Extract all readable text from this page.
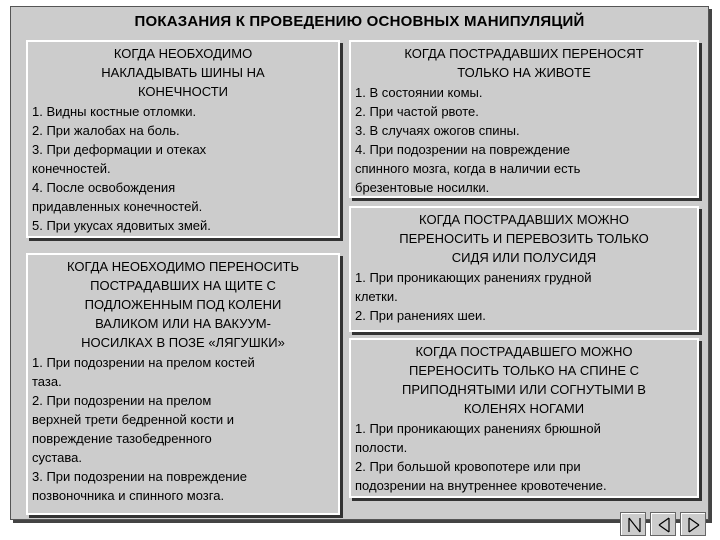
ПОКАЗАНИЯ К ПРОВЕДЕНИЮ ОСНОВНЫХ МАНИПУЛЯЦИЙ
КОГДА НЕОБХОДИМО
НАКЛАДЫВАТЬ ШИНЫ НА
КОНЕЧНОСТИ
1. Видны костные отломки.
2. При жалобах на боль.
3. При деформации и отеках
конечностей.
4. После освобождения
придавленных конечностей.
5. При укусах ядовитых змей.
КОГДА НЕОБХОДИМО ПЕРЕНОСИТЬ
ПОСТРАДАВШИХ НА ЩИТЕ С
ПОДЛОЖЕННЫМ ПОД КОЛЕНИ
ВАЛИКОМ ИЛИ НА ВАКУУМ-
НОСИЛКАХ В ПОЗЕ «ЛЯГУШКИ»
1. При подозрении на прелом костей
таза.
2. При подозрении на прелом
верхней трети бедренной кости и
повреждение тазобедренного
сустава.
3. При подозрении на повреждение
позвоночника и спинного мозга.
КОГДА ПОСТРАДАВШИХ ПЕРЕНОСЯТ
ТОЛЬКО НА ЖИВОТЕ
1. В состоянии комы.
2. При частой рвоте.
3. В случаях ожогов спины.
4. При подозрении на повреждение
спинного мозга, когда в наличии есть
брезентовые носилки.
КОГДА ПОСТРАДАВШИХ МОЖНО
ПЕРЕНОСИТЬ И ПЕРЕВОЗИТЬ ТОЛЬКО
СИДЯ ИЛИ ПОЛУСИДЯ
1. При проникающих ранениях грудной
клетки.
2. При ранениях шеи.
КОГДА ПОСТРАДАВШЕГО МОЖНО
ПЕРЕНОСИТЬ ТОЛЬКО НА СПИНЕ С
ПРИПОДНЯТЫМИ ИЛИ СОГНУТЫМИ В
КОЛЕНЯХ НОГАМИ
1. При проникающих ранениях брюшной
полости.
2. При большой кровопотере или при
подозрении на внутреннее кровотечение.
